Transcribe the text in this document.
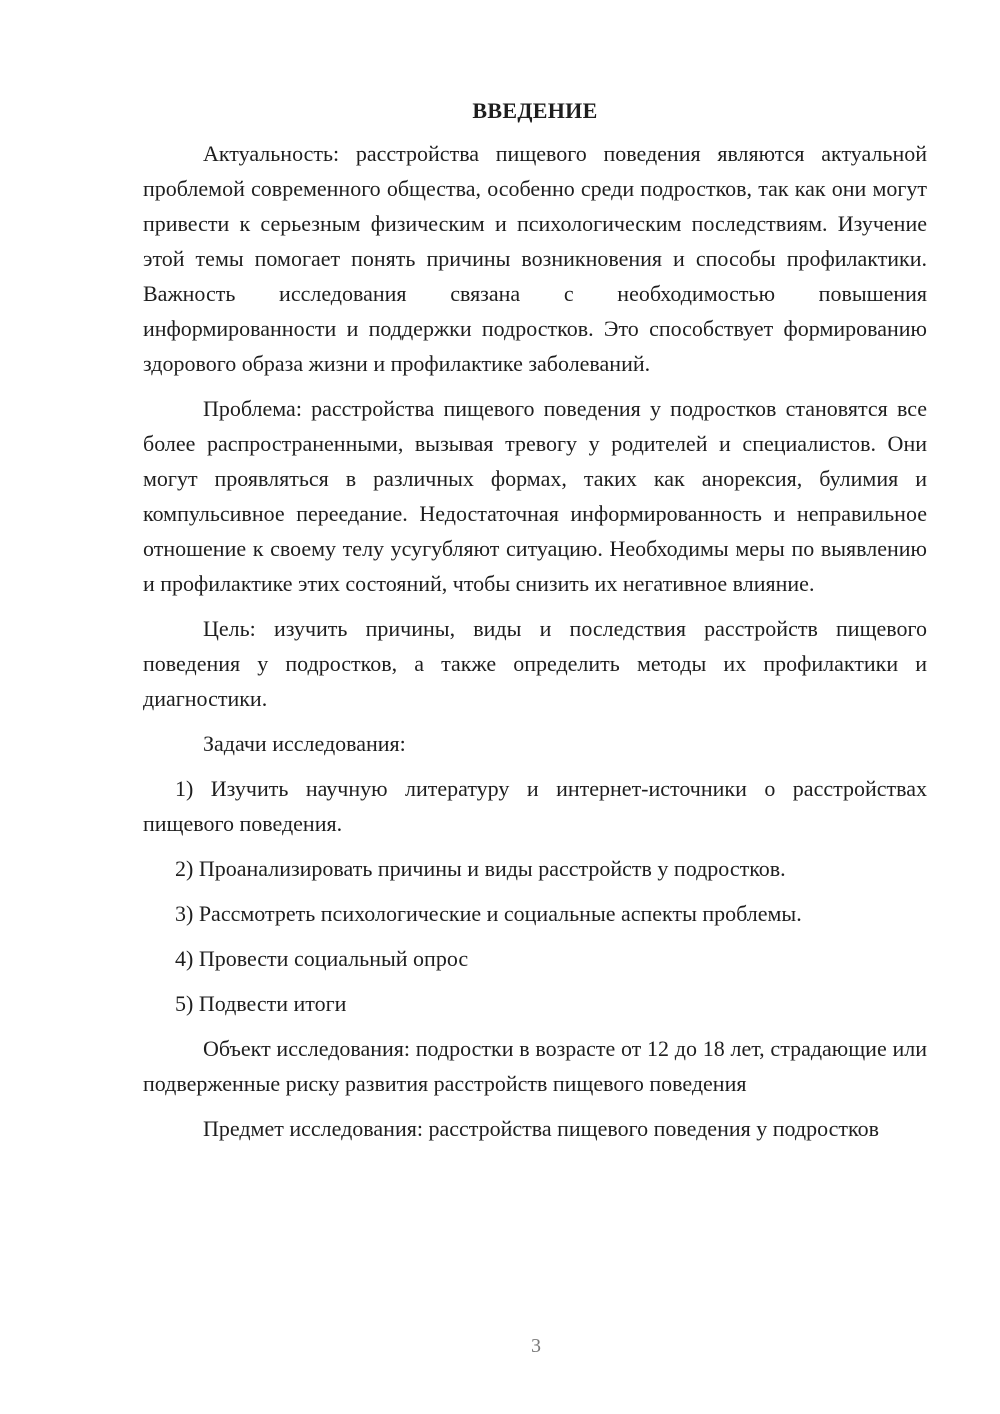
ВВЕДЕНИЕ

Актуальность: расстройства пищевого поведения являются актуальной проблемой современного общества, особенно среди подростков, так как они могут привести к серьезным физическим и психологическим последствиям. Изучение этой темы помогает понять причины возникновения и способы профилактики. Важность исследования связана с необходимостью повышения информированности и поддержки подростков. Это способствует формированию здорового образа жизни и профилактике заболеваний.

Проблема: расстройства пищевого поведения у подростков становятся все более распространенными, вызывая тревогу у родителей и специалистов. Они могут проявляться в различных формах, таких как анорексия, булимия и компульсивное переедание. Недостаточная информированность и неправильное отношение к своему телу усугубляют ситуацию. Необходимы меры по выявлению и профилактике этих состояний, чтобы снизить их негативное влияние.

Цель: изучить причины, виды и последствия расстройств пищевого поведения у подростков, а также определить методы их профилактики и диагностики.

Задачи исследования:

1) Изучить научную литературу и интернет-источники о расстройствах пищевого поведения.

2) Проанализировать причины и виды расстройств у подростков.

3) Рассмотреть психологические и социальные аспекты проблемы.

4) Провести социальный опрос

5) Подвести итоги

Объект исследования: подростки в возрасте от 12 до 18 лет, страдающие или подверженные риску развития расстройств пищевого поведения

Предмет исследования: расстройства пищевого поведения у подростков

3
